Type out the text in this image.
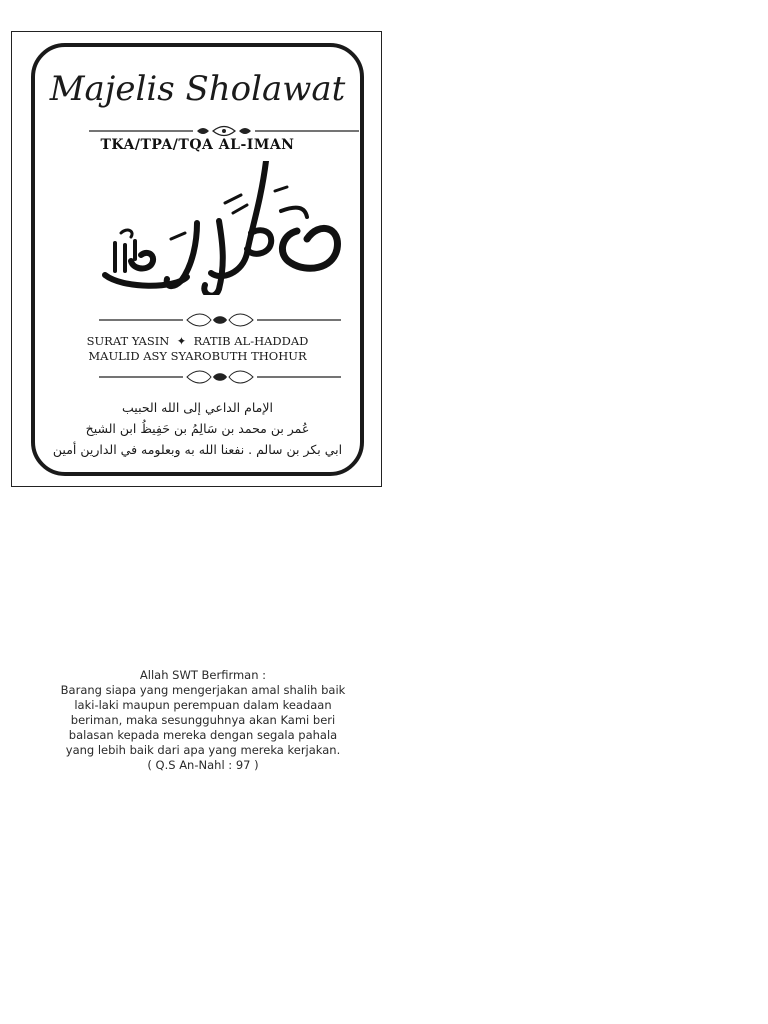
Majelis Sholawat
TKA/TPA/TQA AL-IMAN
SURAT YASIN  ✦  RATIB AL-HADDAD
MAULID ASY SYAROBUTH THOHUR
الإمام الداعي إلى الله الحبيب
عُمر بن محمد بن سَالِمُ بن حَفِيظُ ابن الشيخ
ابي بكر بن سالم . نفعنا الله به وبعلومه في الدارين أمين
Allah SWT Berfirman :
Barang siapa yang mengerjakan amal shalih baik
laki-laki maupun perempuan dalam keadaan
beriman, maka sesungguhnya akan Kami beri
balasan kepada mereka dengan segala pahala
yang lebih baik dari apa yang mereka kerjakan.
( Q.S An-Nahl : 97 )
